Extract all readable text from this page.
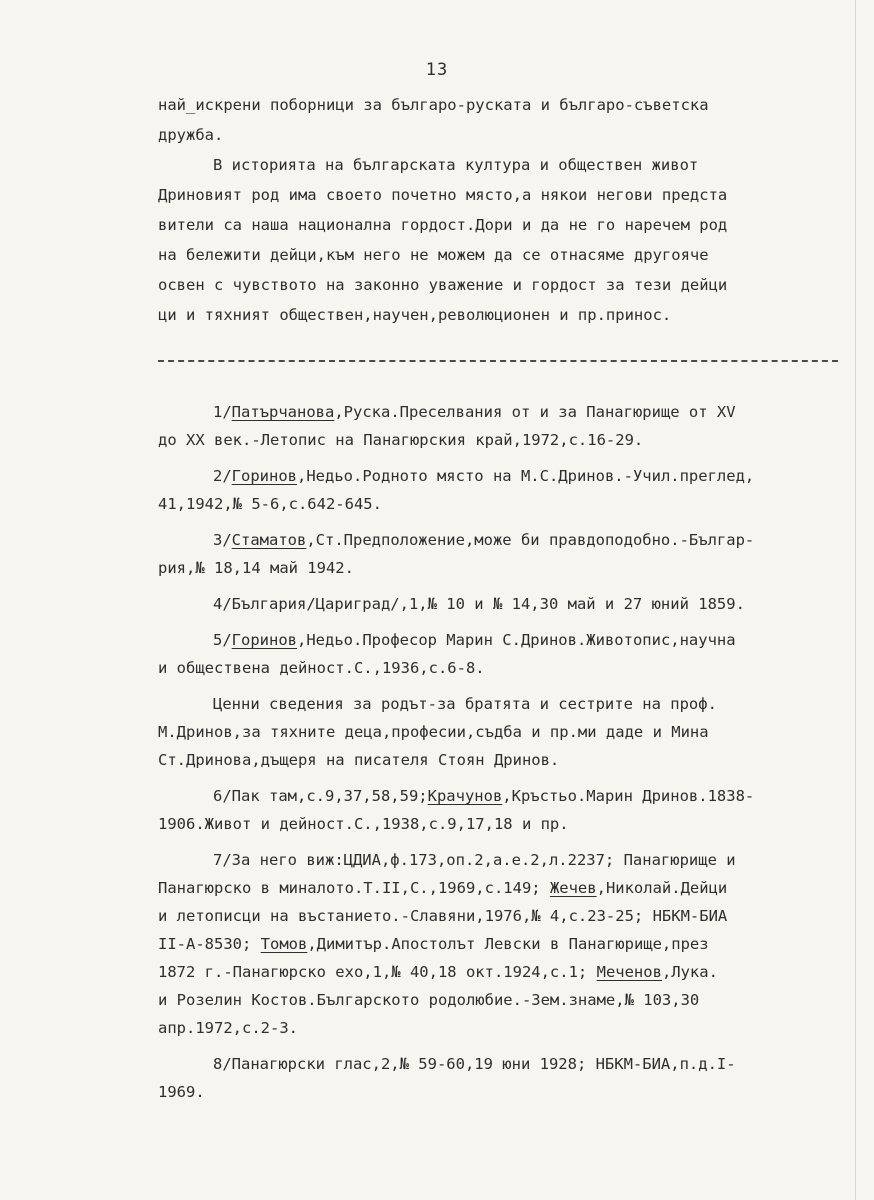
13
най_искрени поборници за българо-руската и българо-съветска
дружба.
В историята на българската култура и обществен живот
Дриновият род има своето почетно място,а някои негови предста
вители са наша национална гордост.Дори и да не го наречем род
на бележити дейци,към него не можем да се отнасяме другояче
освен с чувството на законно уважение и гордост за тези дейци
ци и тяхният обществен,научен,революционен и пр.принос.
1/Патърчанова,Руска.Преселвания от и за Панагюрище от XV
до XX век.-Летопис на Панагюрския край,1972,с.16-29.
2/Горинов,Недьо.Родното място на М.С.Дринов.-Учил.преглед,
41,1942,№ 5-6,с.642-645.
3/Стаматов,Ст.Предположение,може би правдоподобно.-Българ-
рия,№ 18,14 май 1942.
4/България/Цариград/,1,№ 10 и № 14,30 май и 27 юний 1859.
5/Горинов,Недьо.Профeсор Марин С.Дринов.Животопис,научна
и обществена дейност.С.,1936,с.6-8.
Ценни сведения за родът-за братята и сестрите на проф.
М.Дринов,за тяхните деца,професии,съдба и пр.ми даде и Мина
Ст.Дринова,дъщеря на писателя Стоян Дринов.
6/Пак там,с.9,37,58,59;Крачунов,Кръстьо.Марин Дринов.1838-
1906.Живот и дейност.С.,1938,с.9,17,18 и пр.
7/За него виж:ЦДИА,ф.173,оп.2,а.е.2,л.2237; Панагюрище и
Панагюрско в миналото.Т.II,С.,1969,с.149; Жечев,Николай.Дейци
и летописци на въстанието.-Славяни,1976,№ 4,с.23-25; НБКМ-БИА
II-А-8530; Томов,Димитър.Апостолът Левски в Панагюрище,през
1872 г.-Панагюрско ехо,1,№ 40,18 окт.1924,с.1; Меченов,Лука.
и Розелин Костов.Българското родолюбие.-Зем.знаме,№ 103,30
апр.1972,с.2-3.
8/Панагюрски глас,2,№ 59-60,19 юни 1928; НБКМ-БИА,п.д.I-
1969.
